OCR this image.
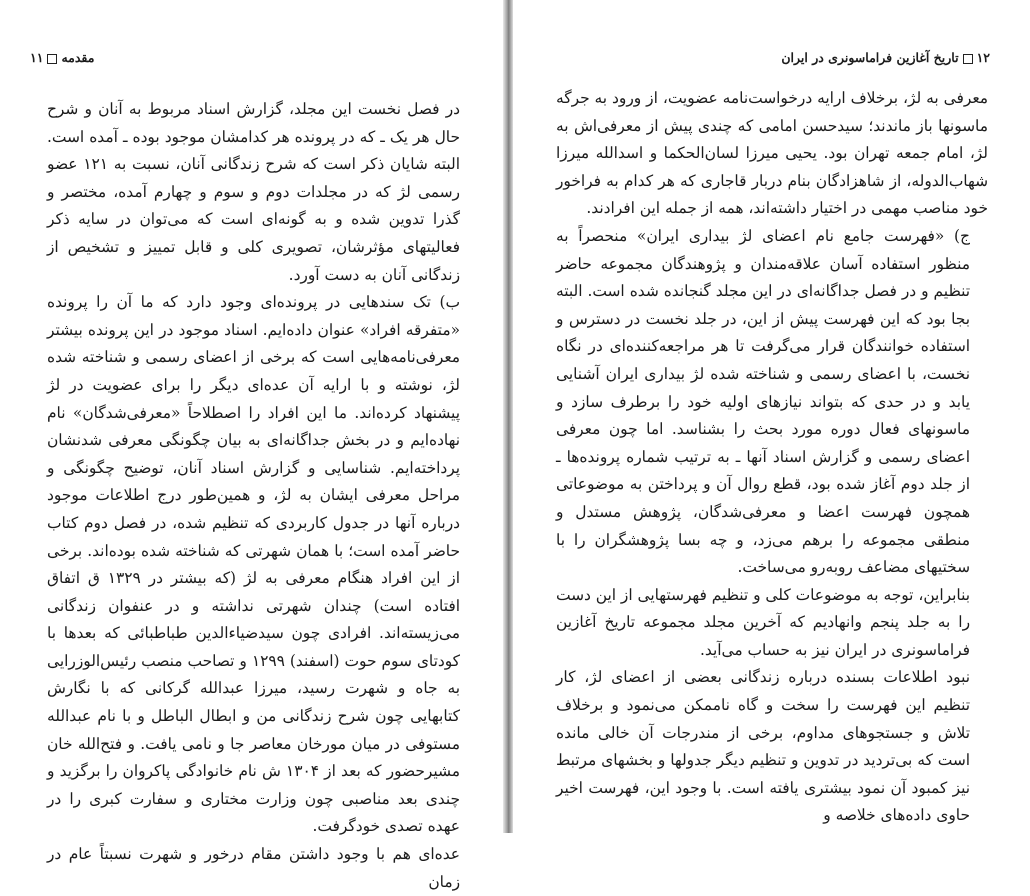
مقدمه۱۱

در فصل نخست این مجلد، گزارش اسناد مربوط به آنان و شرح حال هر یک ـ که در پرونده هر کدامشان موجود بوده ـ آمده است. البته شایان ذکر است که شرح زندگانی آنان، نسبت به ۱۲۱ عضو رسمی لژ که در مجلدات دوم و سوم و چهارم آمده، مختصر و گذرا تدوین شده و به گونه‌ای است که می‌توان در سایه ذکر فعالیتهای مؤثرشان، تصویری کلی و قابل تمییز و تشخیص از زندگانی آنان به دست آورد.

ب) تک سندهایی در پرونده‌ای وجود دارد که ما آن را پرونده «متفرقه افراد» عنوان داده‌ایم. اسناد موجود در این پرونده بیشتر معرفی‌نامه‌هایی است که برخی از اعضای رسمی و شناخته شده لژ، نوشته و با ارایه آن عده‌ای دیگر را برای عضویت در لژ پیشنهاد کرده‌اند. ما این افراد را اصطلاحاً «معرفی‌شدگان» نام نهاده‌ایم و در بخش جداگانه‌ای به بیان چگونگی معرفی شدنشان پرداخته‌ایم. شناسایی و گزارش اسناد آنان، توضیح چگونگی و مراحل معرفی ایشان به لژ، و همین‌طور درج اطلاعات موجود درباره آنها در جدول کاربردی که تنظیم شده، در فصل دوم کتاب حاضر آمده است؛ با همان شهرتی که شناخته شده بوده‌اند. برخی از این افراد هنگام معرفی به لژ (که بیشتر در ۱۳۲۹ ق اتفاق افتاده است) چندان شهرتی نداشته و در عنفوان زندگانی می‌زیسته‌اند. افرادی چون سیدضیاءالدین طباطبائی که بعدها با کودتای سوم حوت (اسفند) ۱۲۹۹ و تصاحب منصب رئیس‌الوزرایی به جاه و شهرت رسید، میرزا عبدالله گرکانی که با نگارش کتابهایی چون شرح زندگانی من و ابطال الباطل و با نام عبدالله مستوفی در میان مورخان معاصر جا و نامی یافت. و فتح‌الله خان مشیرحضور که بعد از ۱۳۰۴ ش نام خانوادگی پاکروان را برگزید و چندی بعد مناصبی چون وزارت مختاری و سفارت کبری را در عهده تصدی خودگرفت.

عده‌ای هم با وجود داشتن مقام درخور و شهرت نسبتاً عام در زمان

۱۲تاریخ آغازین فراماسونری در ایران

معرفی به لژ، برخلاف ارایه درخواست‌نامه عضویت، از ورود به جرگه ماسونها باز ماندند؛ سیدحسن امامی که چندی پیش از معرفی‌اش به لژ، امام جمعه تهران بود. یحیی میرزا لسان‌الحکما و اسدالله میرزا شهاب‌الدوله، از شاهزادگان بنام دربار قاجاری که هر کدام به فراخور خود مناصب مهمی در اختیار داشته‌اند، همه از جمله این افرادند.

ج) «فهرست جامع نام اعضای لژ بیداری ایران» منحصراً به منظور استفاده آسان علاقه‌مندان و پژوهندگان مجموعه حاضر تنظیم و در فصل جداگانه‌ای در این مجلد گنجانده شده است. البته بجا بود که این فهرست پیش از این، در جلد نخست در دسترس و استفاده خوانندگان قرار می‌گرفت تا هر مراجعه‌کننده‌ای در نگاه نخست، با اعضای رسمی و شناخته شده لژ بیداری ایران آشنایی یابد و در حدی که بتواند نیازهای اولیه خود را برطرف سازد و ماسونهای فعال دوره مورد بحث را بشناسد. اما چون معرفی اعضای رسمی و گزارش اسناد آنها ـ به ترتیب شماره پرونده‌ها ـ از جلد دوم آغاز شده بود، قطع روال آن و پرداختن به موضوعاتی همچون فهرست اعضا و معرفی‌شدگان، پژوهش مستدل و منطقی مجموعه را برهم می‌زد، و چه بسا پژوهشگران را با سختیهای مضاعف روبه‌رو می‌ساخت.

بنابراین، توجه به موضوعات کلی و تنظیم فهرستهایی از این دست را به جلد پنجم وانهادیم که آخرین مجلد مجموعه تاریخ آغازین فراماسونری در ایران نیز به حساب می‌آید.

نبود اطلاعات بسنده درباره زندگانی بعضی از اعضای لژ، کار تنظیم این فهرست را سخت و گاه ناممکن می‌نمود و برخلاف تلاش و جستجوهای مداوم، برخی از مندرجات آن خالی مانده است که بی‌تردید در تدوین و تنظیم دیگر جدولها و بخشهای مرتبط نیز کمبود آن نمود بیشتری یافته است. با وجود این، فهرست اخیر حاوی داده‌های خلاصه و
